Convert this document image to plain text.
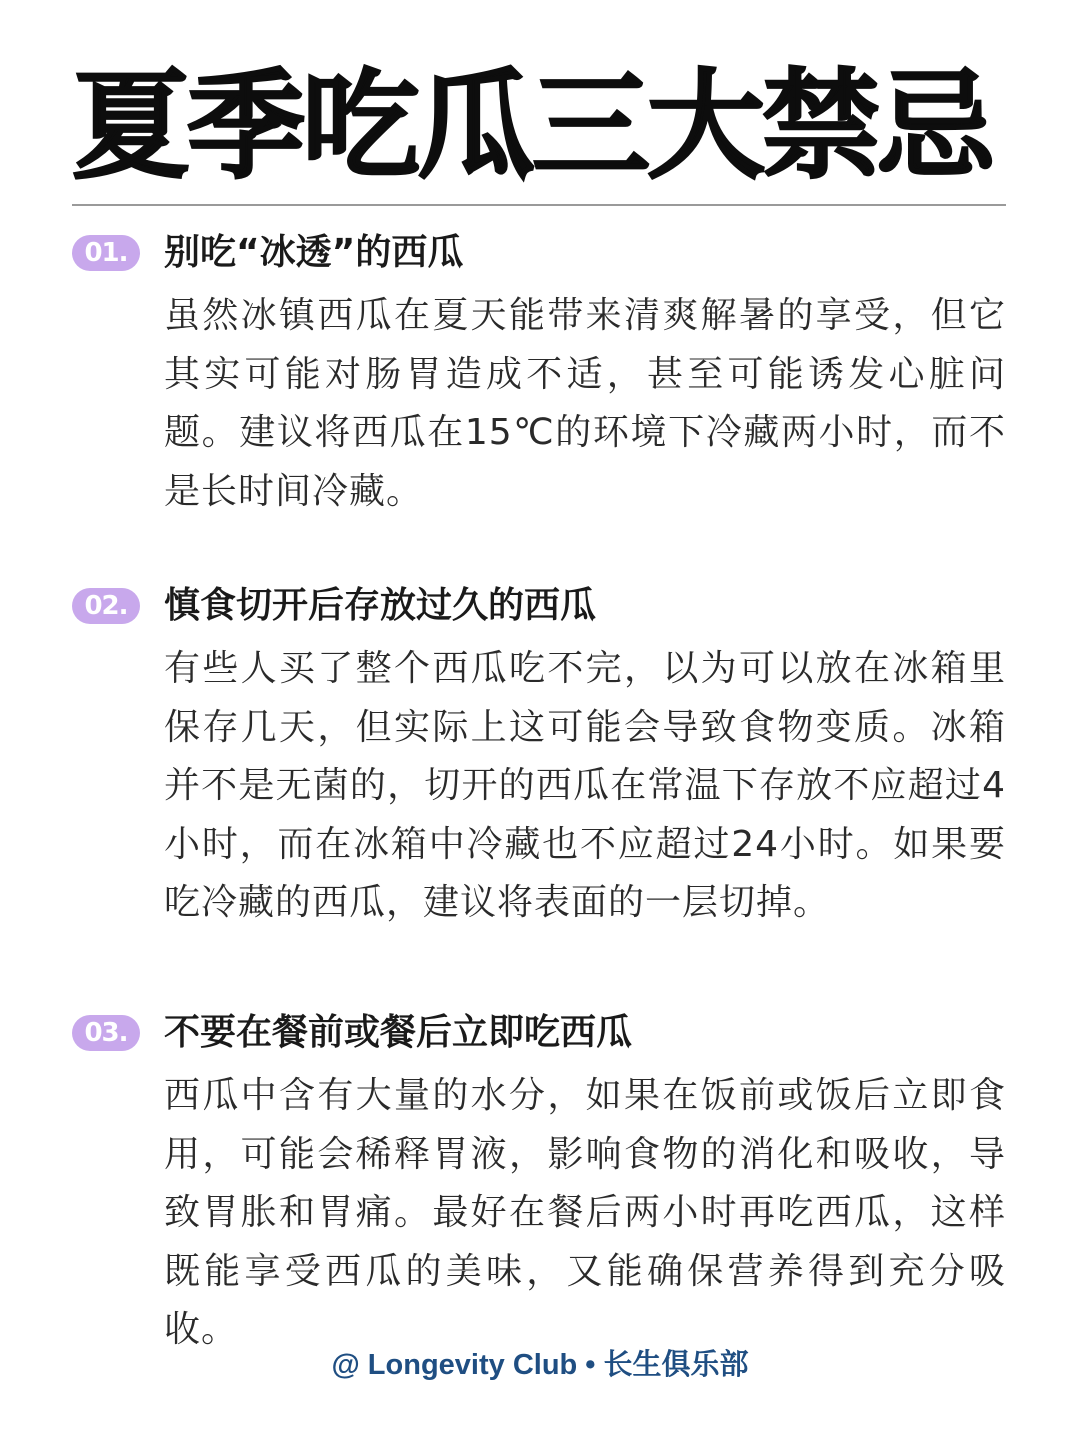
夏季吃瓜三大禁忌
01.	别吃“冰透”的西瓜

虽然冰镇西瓜在夏天能带来清爽解暑的享受，但它其实可能对肠胃造成不适，甚至可能诱发心脏问题。建议将西瓜在15℃的环境下冷藏两小时，而不是长时间冷藏。

02.	慎食切开后存放过久的西瓜

有些人买了整个西瓜吃不完，以为可以放在冰箱里保存几天，但实际上这可能会导致食物变质。冰箱并不是无菌的，切开的西瓜在常温下存放不应超过4小时，而在冰箱中冷藏也不应超过24小时。如果要吃冷藏的西瓜，建议将表面的一层切掉。

03.	不要在餐前或餐后立即吃西瓜

西瓜中含有大量的水分，如果在饭前或饭后立即食用，可能会稀释胃液，影响食物的消化和吸收，导致胃胀和胃痛。最好在餐后两小时再吃西瓜，这样既能享受西瓜的美味，又能确保营养得到充分吸收。

@ Longevity Club • 长生俱乐部
